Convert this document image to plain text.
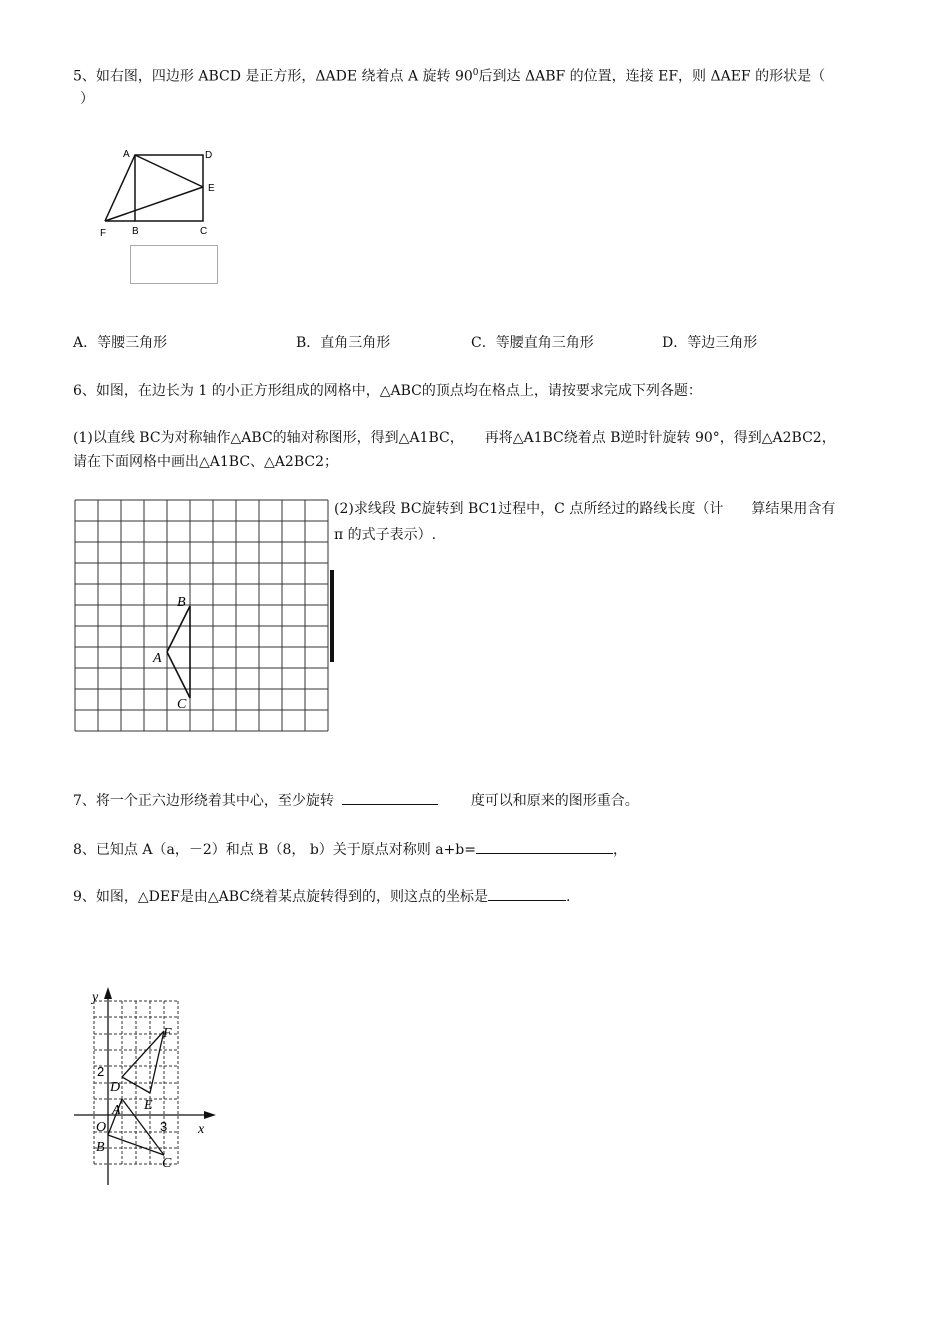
5、如右图，四边形 ABCD 是正方形，ΔADE 绕着点 A 旋转 $90^0$后到达 ΔABF 的位置，连接 EF，则 ΔAEF 的形状是（
）
A	D
E
F	B	C
A．等腰三角形	B．直角三角形	C．等腰直角三角形	D．等边三角形
6、如图，在边长为 1 的小正方形组成的网格中，△ABC的顶点均在格点上，请按要求完成下列各题：
(1)以直线 BC为对称轴作△ABC的轴对称图形，得到△A1BC，　　再将△A1BC绕着点 B逆时针旋转 90°，得到△A2BC2，
请在下面网格中画出△A1BC、△A2BC2；
B
A
C
(2)求线段 BC旋转到 BC1过程中，C 点所经过的路线长度（计　　算结果用含有
π 的式子表示）.
7、将一个正六边形绕着其中心，至少旋转	度可以和原来的图形重合。
8、已知点 A（a，－2）和点 B（8， b）关于原点对称则 a+b=	，
9、如图，△DEF是由△ABC绕着某点旋转得到的，则这点的坐标是	.
y
x
O
2
3
A
B
C
D
E
F
